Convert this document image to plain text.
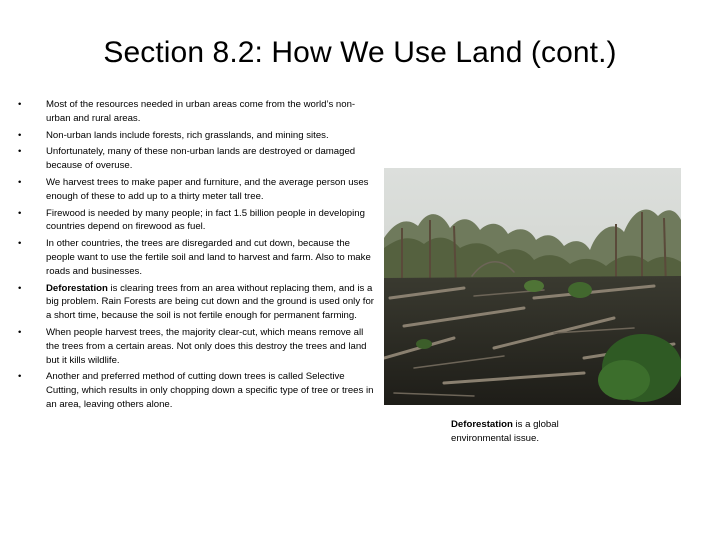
Section 8.2: How We Use Land (cont.)
•	Most of the resources needed in urban areas come from the world’s non-urban and rural areas.
•	Non-urban lands include forests, rich grasslands, and mining sites.
•	Unfortunately, many of these non-urban lands are destroyed or damaged because of overuse.
•	We harvest trees to make paper and furniture, and the average person uses enough of these to add up to a thirty meter tall tree.
•	Firewood is needed by many people; in fact 1.5 billion people in developing countries depend on firewood as fuel.
•	In other countries, the trees are disregarded and cut down, because the people want to use the fertile soil and land to harvest and farm. Also to make roads and businesses.
•	Deforestation is clearing trees from an area without replacing them, and is a big problem. Rain Forests are being cut down and the ground is used only for a short time, because the soil is not fertile enough for permanent farming.
•	When people harvest trees, the majority clear-cut, which means remove all the trees from a certain areas. Not only does this destroy the trees and land but it kills wildlife.
•	Another and preferred method of cutting down trees is called Selective Cutting, which results in only chopping down a specific type of tree or trees in an area, leaving others alone.
Deforestation is a global environmental issue.
